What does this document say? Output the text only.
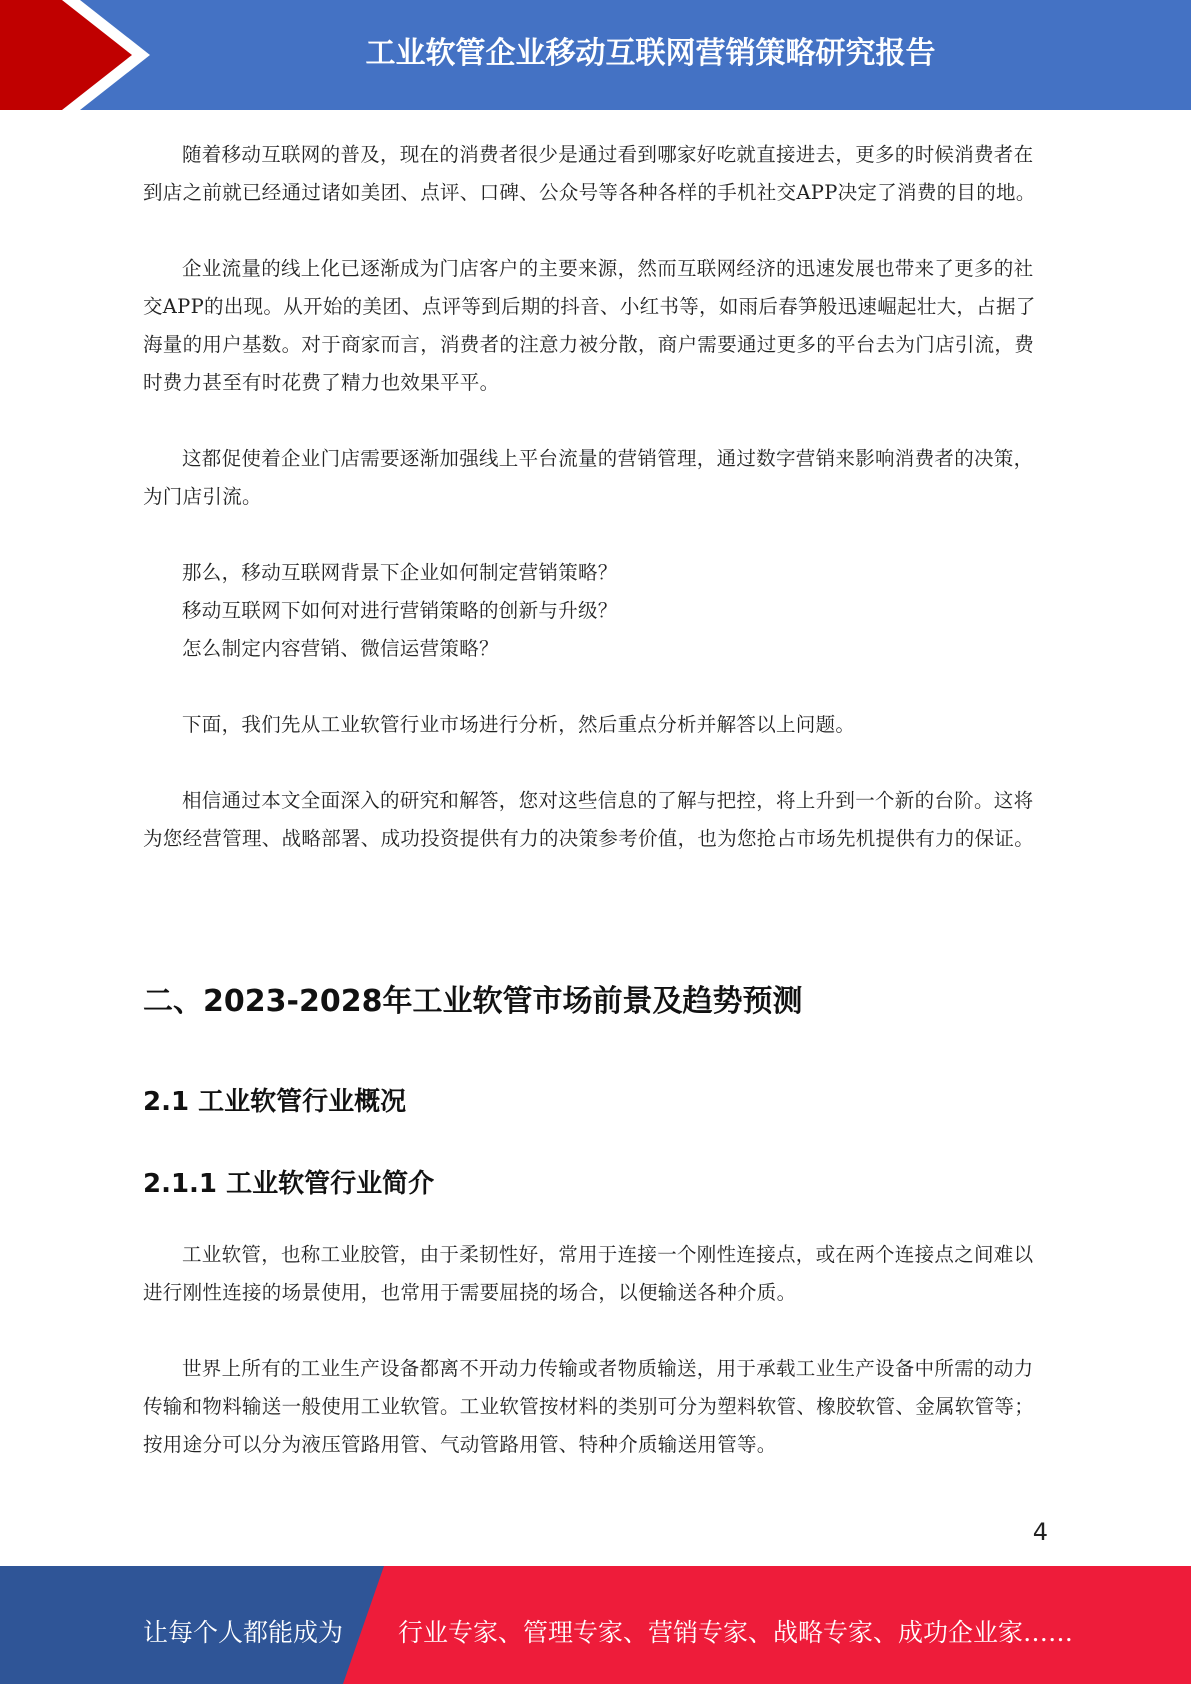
工业软管企业移动互联网营销策略研究报告

随着移动互联网的普及，现在的消费者很少是通过看到哪家好吃就直接进去，更多的时候消费者在到店之前就已经通过诸如美团、点评、口碑、公众号等各种各样的手机社交APP决定了消费的目的地。

企业流量的线上化已逐渐成为门店客户的主要来源，然而互联网经济的迅速发展也带来了更多的社交APP的出现。从开始的美团、点评等到后期的抖音、小红书等，如雨后春笋般迅速崛起壮大，占据了海量的用户基数。对于商家而言，消费者的注意力被分散，商户需要通过更多的平台去为门店引流，费时费力甚至有时花费了精力也效果平平。

这都促使着企业门店需要逐渐加强线上平台流量的营销管理，通过数字营销来影响消费者的决策，为门店引流。

那么，移动互联网背景下企业如何制定营销策略？

移动互联网下如何对进行营销策略的创新与升级？

怎么制定内容营销、微信运营策略？

下面，我们先从工业软管行业市场进行分析，然后重点分析并解答以上问题。

相信通过本文全面深入的研究和解答，您对这些信息的了解与把控，将上升到一个新的台阶。这将为您经营管理、战略部署、成功投资提供有力的决策参考价值，也为您抢占市场先机提供有力的保证。

二、2023-2028年工业软管市场前景及趋势预测
2.1 工业软管行业概况
2.1.1 工业软管行业简介

工业软管，也称工业胶管，由于柔韧性好，常用于连接一个刚性连接点，或在两个连接点之间难以进行刚性连接的场景使用，也常用于需要屈挠的场合，以便输送各种介质。

世界上所有的工业生产设备都离不开动力传输或者物质输送，用于承载工业生产设备中所需的动力传输和物料输送一般使用工业软管。工业软管按材料的类别可分为塑料软管、橡胶软管、金属软管等；按用途分可以分为液压管路用管、气动管路用管、特种介质输送用管等。

4
让每个人都能成为 行业专家、管理专家、营销专家、战略专家、成功企业家……
